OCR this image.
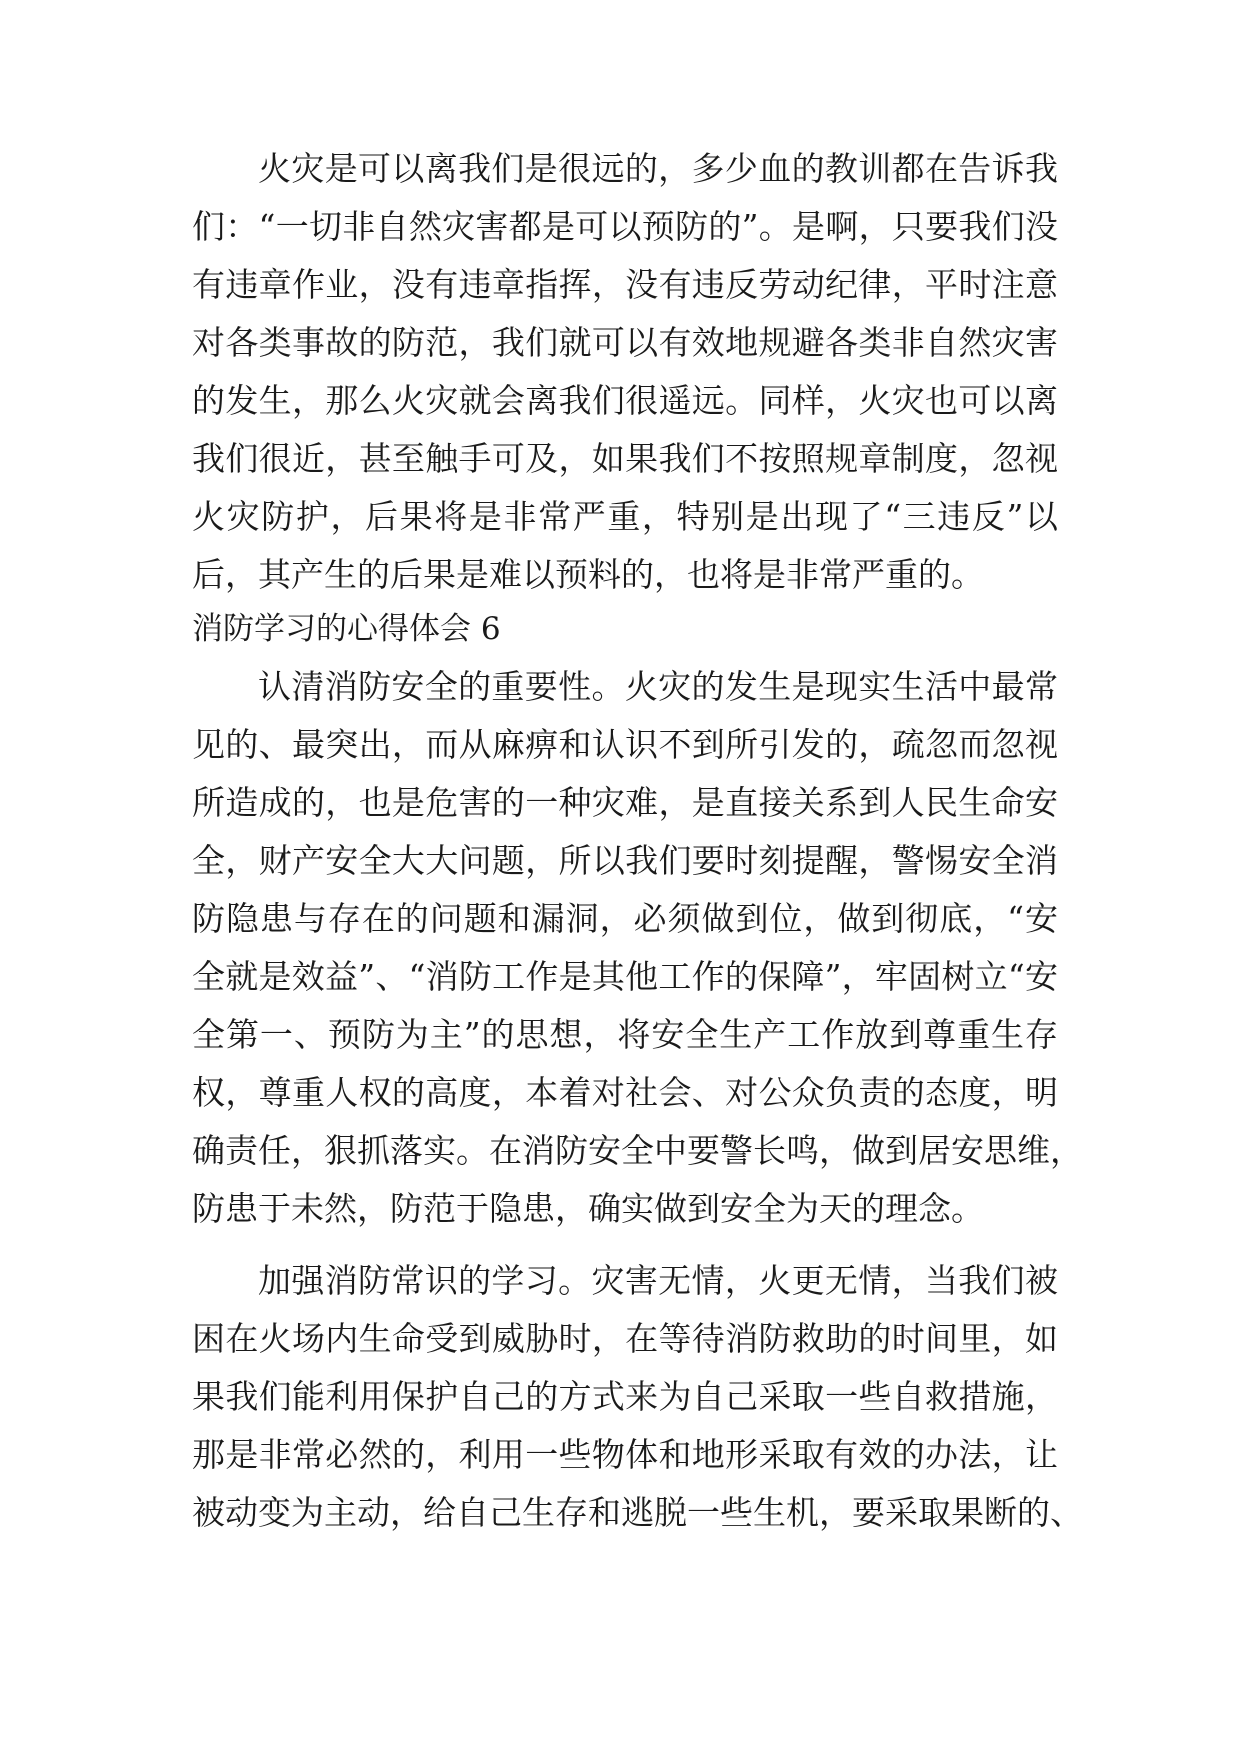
火灾是可以离我们是很远的，多少血的教训都在告诉我
们：“一切非自然灾害都是可以预防的”。是啊，只要我们没
有违章作业，没有违章指挥，没有违反劳动纪律，平时注意
对各类事故的防范，我们就可以有效地规避各类非自然灾害
的发生，那么火灾就会离我们很遥远。同样，火灾也可以离
我们很近，甚至触手可及，如果我们不按照规章制度，忽视
火灾防护，后果将是非常严重，特别是出现了“三违反”以
后，其产生的后果是难以预料的，也将是非常严重的。
消防学习的心得体会 6
认清消防安全的重要性。火灾的发生是现实生活中最常
见的、最突出，而从麻痹和认识不到所引发的，疏忽而忽视
所造成的，也是危害的一种灾难，是直接关系到人民生命安
全，财产安全大大问题，所以我们要时刻提醒，警惕安全消
防隐患与存在的问题和漏洞，必须做到位，做到彻底，“安
全就是效益”、“消防工作是其他工作的保障”，牢固树立“安
全第一、预防为主”的思想，将安全生产工作放到尊重生存
权，尊重人权的高度，本着对社会、对公众负责的态度，明
确责任，狠抓落实。在消防安全中要警长鸣，做到居安思维，
防患于未然，防范于隐患，确实做到安全为天的理念。
加强消防常识的学习。灾害无情，火更无情，当我们被
困在火场内生命受到威胁时，在等待消防救助的时间里，如
果我们能利用保护自己的方式来为自己采取一些自救措施，
那是非常必然的，利用一些物体和地形采取有效的办法，让
被动变为主动，给自己生存和逃脱一些生机，要采取果断的、
